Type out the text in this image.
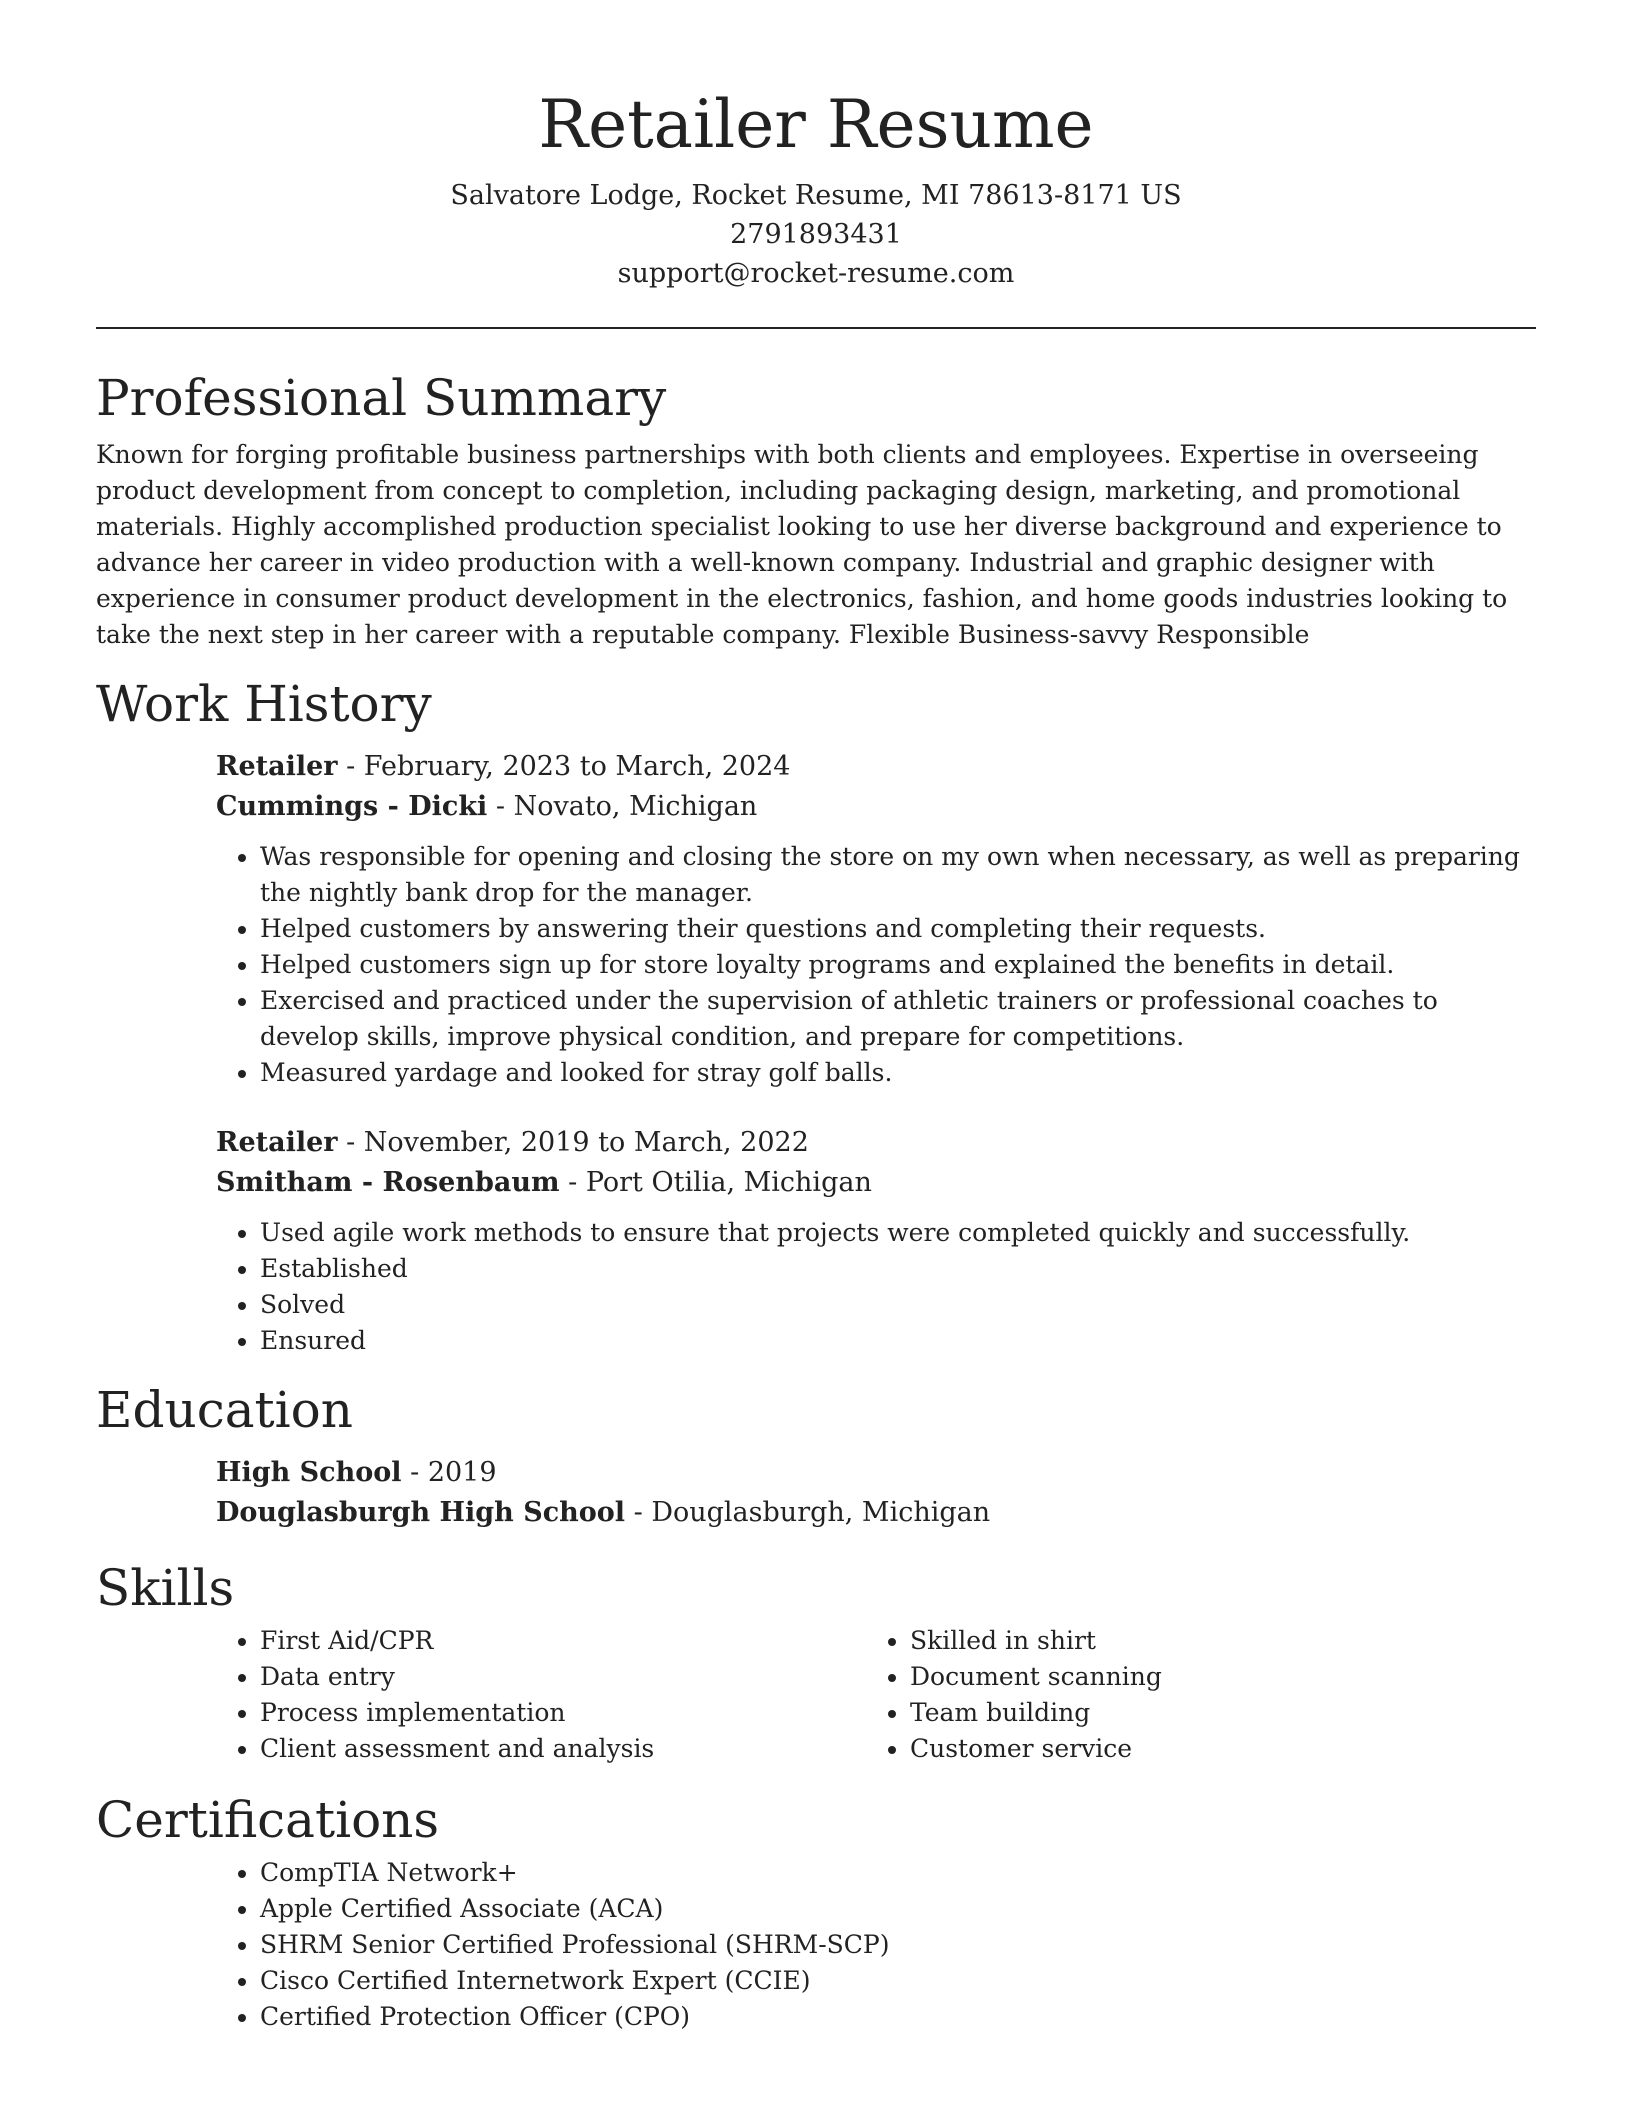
Retailer Resume

Salvatore Lodge, Rocket Resume, MI 78613-8171 US

2791893431

support@rocket-resume.com

Professional Summary

Known for forging profitable business partnerships with both clients and employees. Expertise in overseeing product development from concept to completion, including packaging design, marketing, and promotional materials. Highly accomplished production specialist looking to use her diverse background and experience to advance her career in video production with a well-known company. Industrial and graphic designer with experience in consumer product development in the electronics, fashion, and home goods industries looking to take the next step in her career with a reputable company. Flexible Business-savvy Responsible

Work History

Retailer - February, 2023 to March, 2024

Cummings - Dicki - Novato, Michigan

• Was responsible for opening and closing the store on my own when necessary, as well as preparing the nightly bank drop for the manager.
• Helped customers by answering their questions and completing their requests.
• Helped customers sign up for store loyalty programs and explained the benefits in detail.
• Exercised and practiced under the supervision of athletic trainers or professional coaches to develop skills, improve physical condition, and prepare for competitions.
• Measured yardage and looked for stray golf balls.

Retailer - November, 2019 to March, 2022

Smitham - Rosenbaum - Port Otilia, Michigan

• Used agile work methods to ensure that projects were completed quickly and successfully.
• Established
• Solved
• Ensured
Education

High School - 2019

Douglasburgh High School - Douglasburgh, Michigan

Skills
• First Aid/CPR
• Data entry
• Process implementation
• Client assessment and analysis
• Skilled in shirt
• Document scanning
• Team building
• Customer service
Certifications
• CompTIA Network+
• Apple Certified Associate (ACA)
• SHRM Senior Certified Professional (SHRM-SCP)
• Cisco Certified Internetwork Expert (CCIE)
• Certified Protection Officer (CPO)
